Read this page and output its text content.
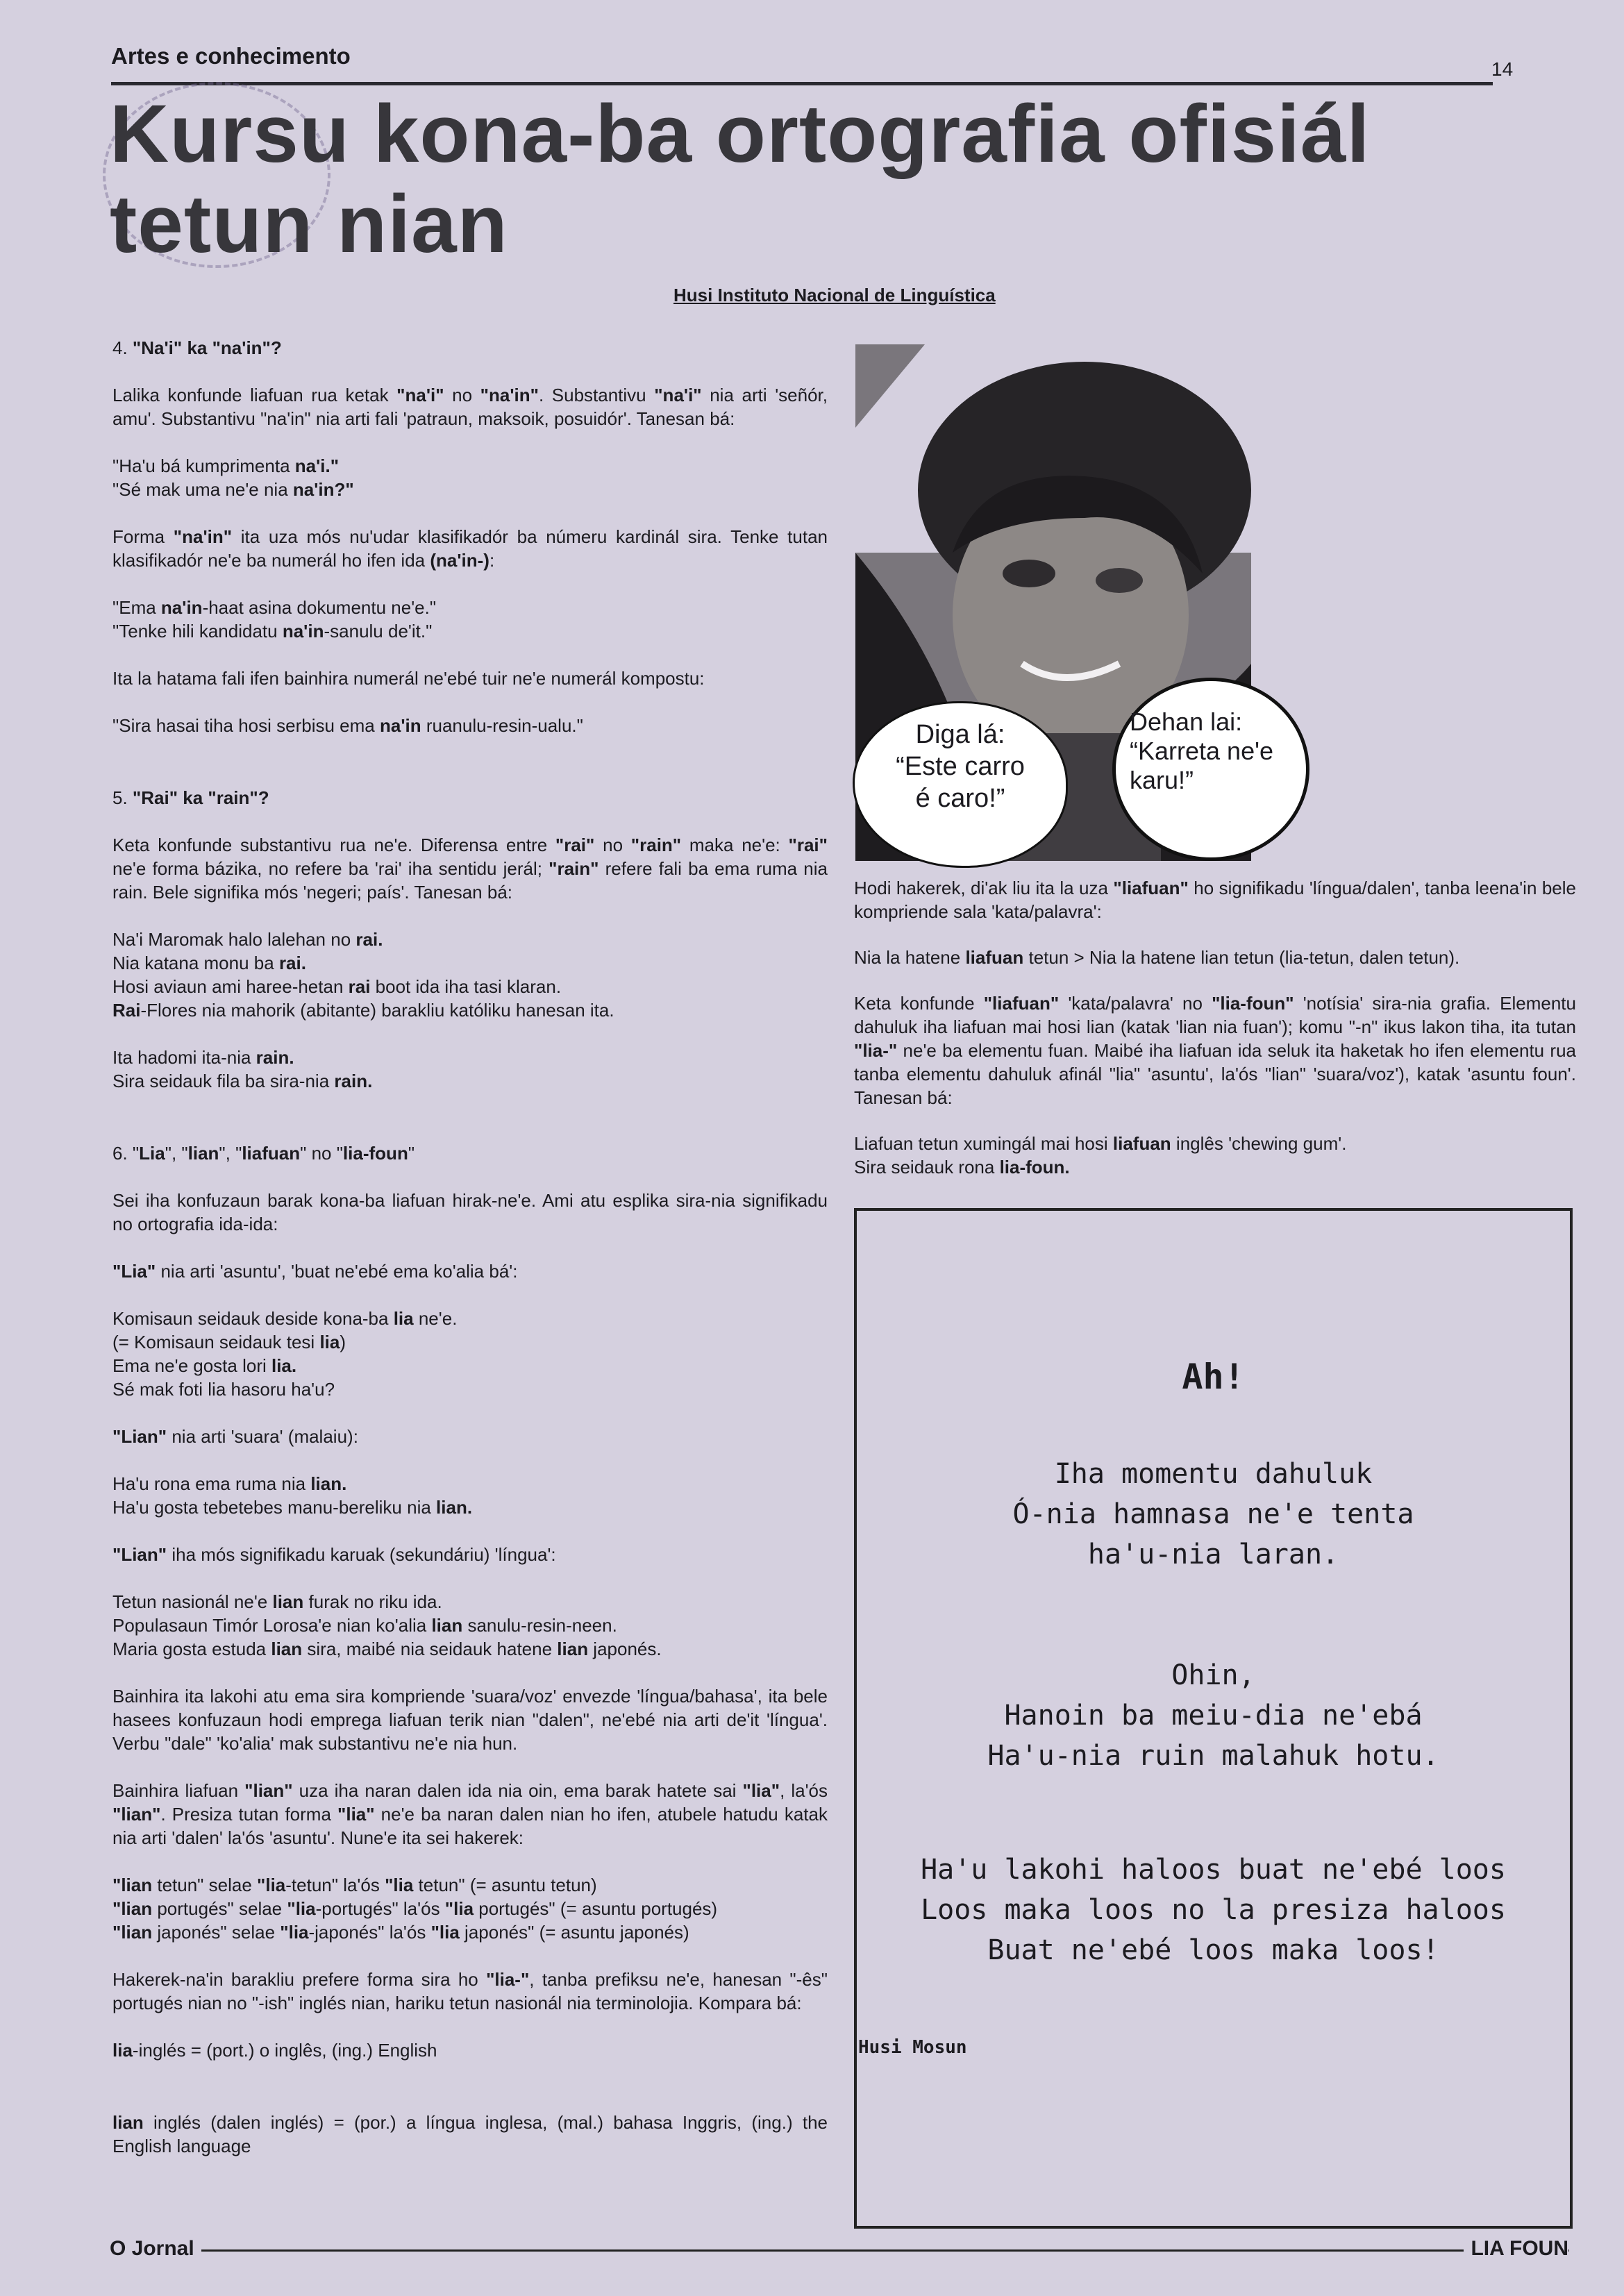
Artes e conhecimento
14
Kursu kona-ba ortografia ofisiál
tetun nian
Husi Instituto Nacional de Linguística

4. "Na'i" ka "na'in"?

Lalika konfunde liafuan rua ketak "na'i" no "na'in". Substantivu "na'i" nia arti 'señór, amu'. Substantivu "na'in" nia arti fali 'patraun, maksoik, posuidór'. Tanesan bá:

"Ha'u bá kumprimenta na'i."
"Sé mak uma ne'e nia na'in?"

Forma "na'in" ita uza mós nu'udar klasifikadór ba númeru kardinál sira. Tenke tutan klasifikadór ne'e ba numerál ho ifen ida (na'in-):

"Ema na'in-haat asina dokumentu ne'e."
"Tenke hili kandidatu na'in-sanulu de'it."

Ita la hatama fali ifen bainhira numerál ne'ebé tuir ne'e numerál kompostu:

"Sira hasai tiha hosi serbisu ema na'in ruanulu-resin-ualu."

5. "Rai" ka "rain"?

Keta konfunde substantivu rua ne'e. Diferensa entre "rai" no "rain" maka ne'e: "rai" ne'e forma bázika, no refere ba 'rai' iha sentidu jerál; "rain" refere fali ba ema ruma nia rain. Bele signifika mós 'negeri; país'. Tanesan bá:

Na'i Maromak halo lalehan no rai.
Nia katana monu ba rai.
Hosi aviaun ami haree-hetan rai boot ida iha tasi klaran.
Rai-Flores nia mahorik (abitante) barakliu katóliku hanesan ita.

Ita hadomi ita-nia rain.
Sira seidauk fila ba sira-nia rain.

6. "Lia", "lian", "liafuan" no "lia-foun"

Sei iha konfuzaun barak kona-ba liafuan hirak-ne'e. Ami atu esplika sira-nia signifikadu no ortografia ida-ida:

"Lia" nia arti 'asuntu', 'buat ne'ebé ema ko'alia bá':

Komisaun seidauk deside kona-ba lia ne'e.
(= Komisaun seidauk tesi lia)
Ema ne'e gosta lori lia.
Sé mak foti lia hasoru ha'u?

"Lian" nia arti 'suara' (malaiu):

Ha'u rona ema ruma nia lian.
Ha'u gosta tebetebes manu-bereliku nia lian.

"Lian" iha mós signifikadu karuak (sekundáriu) 'língua':

Tetun nasionál ne'e lian furak no riku ida.
Populasaun Timór Lorosa'e nian ko'alia lian sanulu-resin-neen.
Maria gosta estuda lian sira, maibé nia seidauk hatene lian japonés.

Bainhira ita lakohi atu ema sira kompriende 'suara/voz' envezde 'língua/bahasa', ita bele hasees konfuzaun hodi emprega liafuan terik nian "dalen", ne'ebé nia arti de'it 'língua'. Verbu "dale" 'ko'alia' mak substantivu ne'e nia hun.

Bainhira liafuan "lian" uza iha naran dalen ida nia oin, ema barak hatete sai "lia", la'ós "lian". Presiza tutan forma "lia" ne'e ba naran dalen nian ho ifen, atubele hatudu katak nia arti 'dalen' la'ós 'asuntu'. Nune'e ita sei hakerek:

"lian tetun" selae "lia-tetun" la'ós "lia tetun" (= asuntu tetun)
"lian portugés" selae "lia-portugés" la'ós "lia portugés" (= asuntu portugés)
"lian japonés" selae "lia-japonés" la'ós "lia japonés" (= asuntu japonés)

Hakerek-na'in barakliu prefere forma sira ho "lia-", tanba prefiksu ne'e, hanesan "-ês" portugés nian no "-ish" inglés nian, hariku tetun nasionál nia terminolojia. Kompara bá:

lia-inglés = (port.) o inglês, (ing.) English

lian inglés (dalen inglés) = (por.) a língua inglesa, (mal.) bahasa Inggris, (ing.) the English language

Diga lá:
“Este carro
é caro!”
Dehan lai:
“Karreta ne'e
karu!”

Hodi hakerek, di'ak liu ita la uza "liafuan" ho signifikadu 'língua/dalen', tanba leena'in bele kompriende sala 'kata/palavra':

Nia la hatene liafuan tetun > Nia la hatene lian tetun (lia-tetun, dalen tetun).

Keta konfunde "liafuan" 'kata/palavra' no "lia-foun" 'notísia' sira-nia grafia. Elementu dahuluk iha liafuan mai hosi lian (katak 'lian nia fuan'); komu "-n" ikus lakon tiha, ita tutan "lia-" ne'e ba elementu fuan. Maibé iha liafuan ida seluk ita haketak ho ifen elementu rua tanba elementu dahuluk afinál "lia" 'asuntu', la'ós "lian" 'suara/voz'), katak 'asuntu foun'. Tanesan bá:

Liafuan tetun xumingál mai hosi liafuan inglês 'chewing gum'.
Sira seidauk rona lia-foun.

Ah!
Iha momentu dahuluk
Ó-nia hamnasa ne'e tenta
ha'u-nia laran.
Ohin,
Hanoin ba meiu-dia ne'ebá
Ha'u-nia ruin malahuk hotu.
Ha'u lakohi haloos buat ne'ebé loos
Loos maka loos no la presiza haloos
Buat ne'ebé loos maka loos!
Husi Mosun
O Jornal	LIA FOUN
